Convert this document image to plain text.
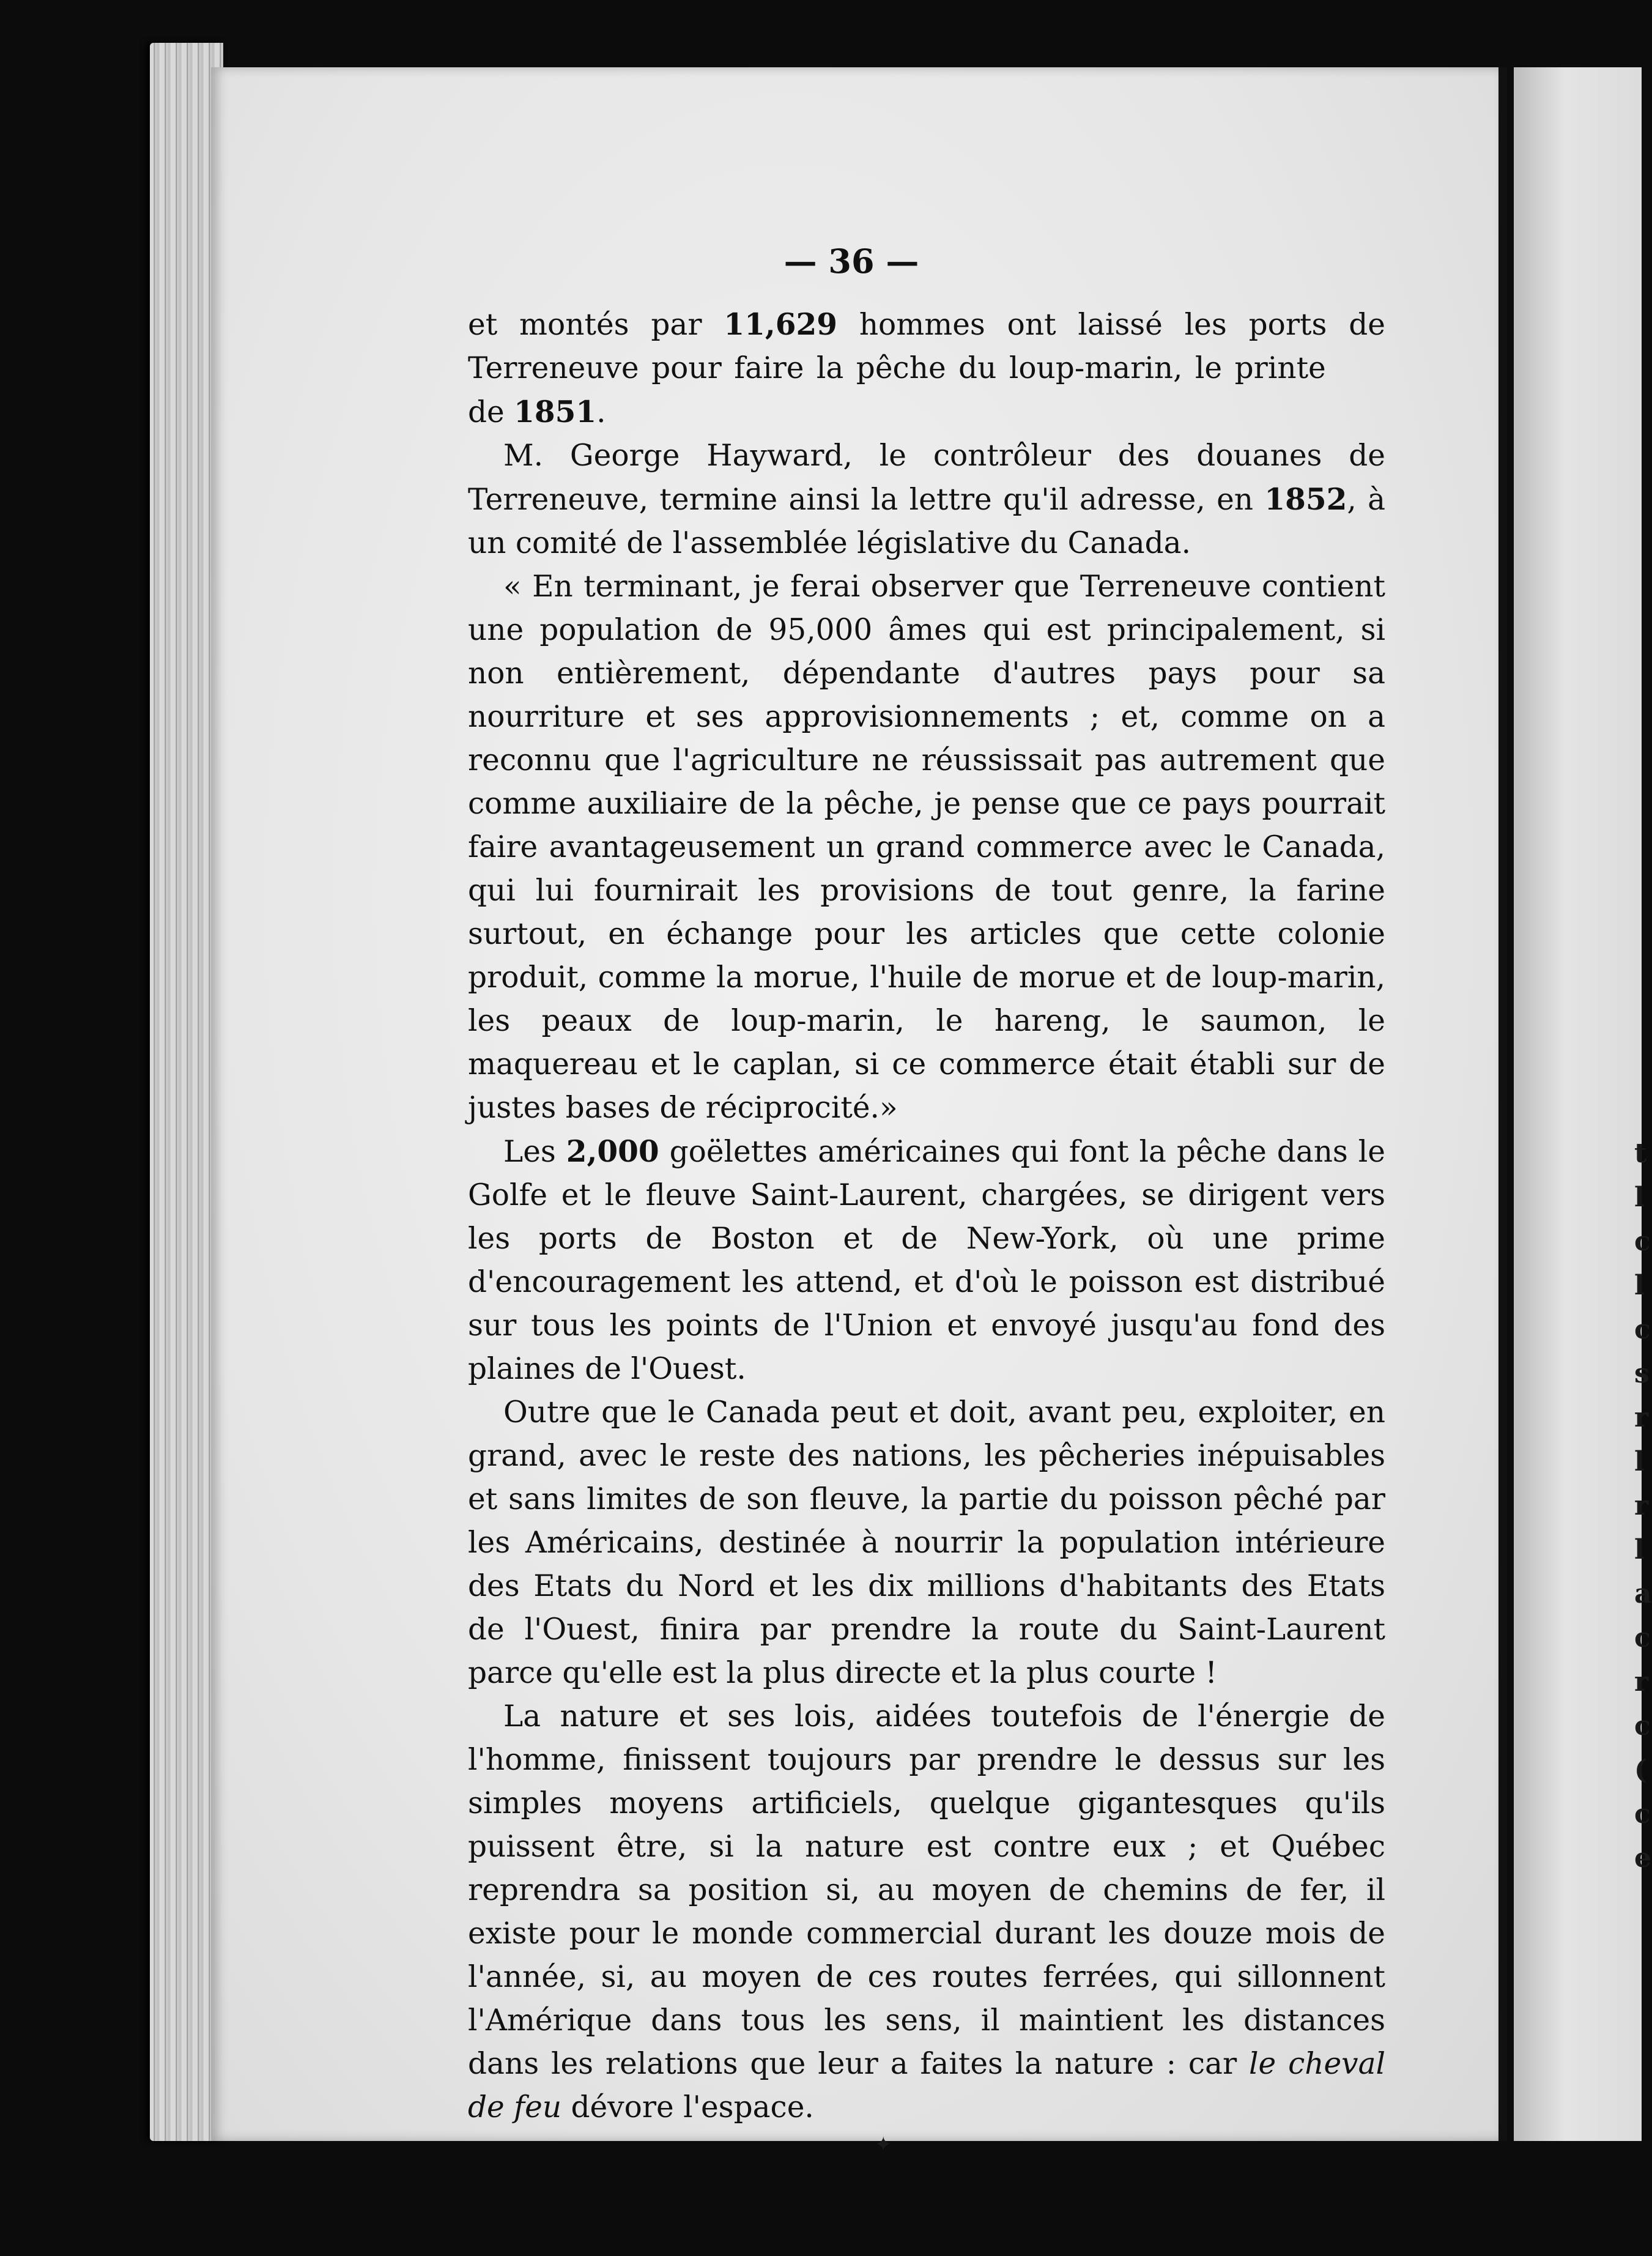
— 36 —

et montés par 11,629 hommes ont laissé les ports de Terreneuve pour faire la pêche du loup-marin, le printe      de 1851.

M. George Hayward, le contrôleur des douanes de Terreneuve, termine ainsi la lettre qu'il adresse, en 1852, à un comité de l'assemblée législative du Canada.

« En terminant, je ferai observer que Terreneuve contient une population de 95,000 âmes qui est principalement, si non entièrement, dépendante d'autres pays pour sa nourriture et ses approvisionnements ; et, comme on a reconnu que l'agriculture ne réussissait pas autrement que comme auxiliaire de la pêche, je pense que ce pays pourrait faire avantageusement un grand commerce avec le Canada, qui lui fournirait les provisions de tout genre, la farine surtout, en échange pour les articles que cette colonie produit, comme la morue, l'huile de morue et de loup-marin, les peaux de loup-marin, le hareng, le saumon, le maquereau et le caplan, si ce commerce était établi sur de justes bases de réciprocité.»

Les 2,000 goëlettes américaines qui font la pêche dans le Golfe et le fleuve Saint-Laurent, chargées, se dirigent vers les ports de Boston et de New-York, où une prime d'encouragement les attend, et d'où le poisson est distribué sur tous les points de l'Union et envoyé jusqu'au fond des plaines de l'Ouest.

Outre que le Canada peut et doit, avant peu, exploiter, en grand, avec le reste des nations, les pêcheries inépuisables et sans limites de son fleuve, la partie du poisson pêché par les Américains, destinée à nourrir la population intérieure des Etats du Nord et les dix millions d'habitants des Etats de l'Ouest, finira par prendre la route du Saint-Laurent parce qu'elle est la plus directe et la plus courte !

La nature et ses lois, aidées toutefois de l'énergie de l'homme, finissent toujours par prendre le dessus sur les simples moyens artificiels, quelque gigantesques qu'ils puissent être, si la nature est contre eux ; et Québec reprendra sa position si, au moyen de chemins de fer, il existe pour le monde commercial durant les douze mois de l'année, si, au moyen de ces routes ferrées, qui sillonnent l'Amérique dans tous les sens, il maintient les distances dans les relations que leur a faites la nature : car le cheval de feu dévore l'espace.

t
l
c
l
c
s
r
l
r
l
a
c
r
c
(
c
e
✦
